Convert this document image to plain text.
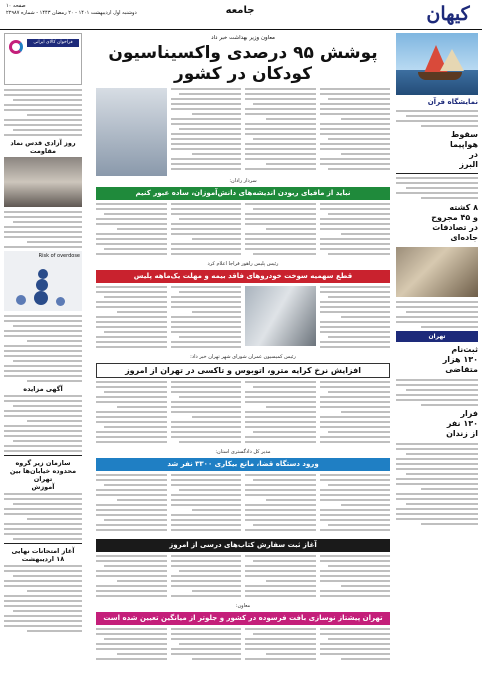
کیهان
جامعه
صفحه ۱۰
دوشنبه اول اردیبهشت ۱۴۰۱ - ۲۰ رمضان ۱۴۴۳ - شماره ۲۲۹۸۷
نمایشگاه قرآن
سقوط
هواپیما
در
البرز
۸ کشته
و ۴۵ مجروح
در تصادفات
جاده‌ای
تهران
ثبت‌نام
۱۳۰ هزار
متقاضی
فرار
۱۳۰ نفر
از زندان
معاون وزیر بهداشت خبر داد
پوشش ۹۵ درصدی واکسیناسیون کودکان در کشور
سردار رادان:
نباید از مافیای ربودن اندیشه‌های دانش‌آموزان، ساده عبور کنیم
رئیس پلیس راهور فراجا اعلام کرد
قطع سهمیه سوخت خودروهای فاقد بیمه و مهلت یک‌ماهه پلیس
رئیس کمیسیون عمران شورای شهر تهران خبر داد:
افزایش نرخ کرایه مترو، اتوبوس و تاکسی در تهران از امروز
مدیر کل دادگستری استان:
ورود دستگاه قضا، مانع بیکاری ۳۳۰۰ نفر شد
آغاز ثبت سفارش کتاب‌های درسی از امروز
معاون:
تهران پیشتاز نوسازی بافت فرسوده در کشور و جلوتر از میانگین تعیین شده است
فراخوان کالای ایرانی فیلم‌های کوتاه
روز آزادی قدس نماد مقاومت
Risk of overdose
آگهی مزایده
سازمان زیر گروه محدوده خیابان‌ها بین تهران
آموزش
آغاز امتحانات نهایی
۱۸ اردیبهشت
